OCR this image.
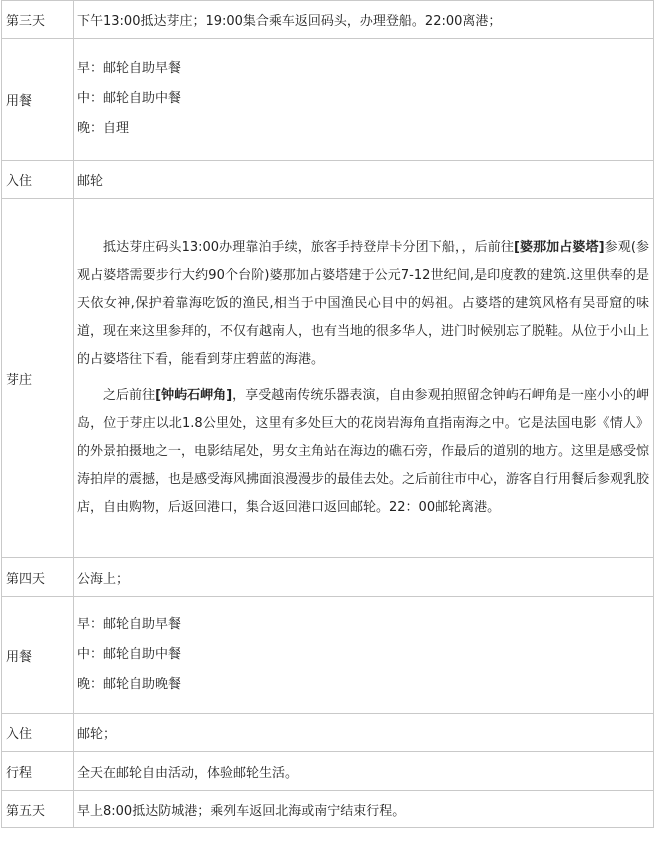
第三天	下午13:00抵达芽庄；19:00集合乘车返回码头，办理登船。22:00离港；
用餐	早：邮轮自助早餐
中：邮轮自助中餐
晚：自理

入住	邮轮
芽庄	抵达芽庄码头13:00办理靠泊手续，旅客手持登岸卡分团下船，，后前往[婆那加占婆塔]参观(参观占婆塔需要步行大约90个台阶)婆那加占婆塔建于公元7-12世纪间,是印度教的建筑.这里供奉的是天依女神,保护着靠海吃饭的渔民,相当于中国渔民心目中的妈祖。占婆塔的建筑风格有吴哥窟的味道，现在来这里参拜的，不仅有越南人，也有当地的很多华人，进门时候别忘了脱鞋。从位于小山上的占婆塔往下看，能看到芽庄碧蓝的海港。

之后前往[钟屿石岬角]，享受越南传统乐器表演，自由参观拍照留念钟屿石岬角是一座小小的岬岛，位于芽庄以北1.8公里处，这里有多处巨大的花岗岩海角直指南海之中。它是法国电影《情人》的外景拍摄地之一，电影结尾处，男女主角站在海边的礁石旁，作最后的道别的地方。这里是感受惊涛拍岸的震撼，也是感受海风拂面浪漫漫步的最佳去处。之后前往市中心，游客自行用餐后参观乳胶店，自由购物，后返回港口，集合返回港口返回邮轮。22：00邮轮离港。

第四天	公海上；
用餐	早：邮轮自助早餐
中：邮轮自助中餐
晚：邮轮自助晚餐

入住	邮轮；
行程	全天在邮轮自由活动，体验邮轮生活。
第五天	早上8:00抵达防城港；乘列车返回北海或南宁结束行程。
